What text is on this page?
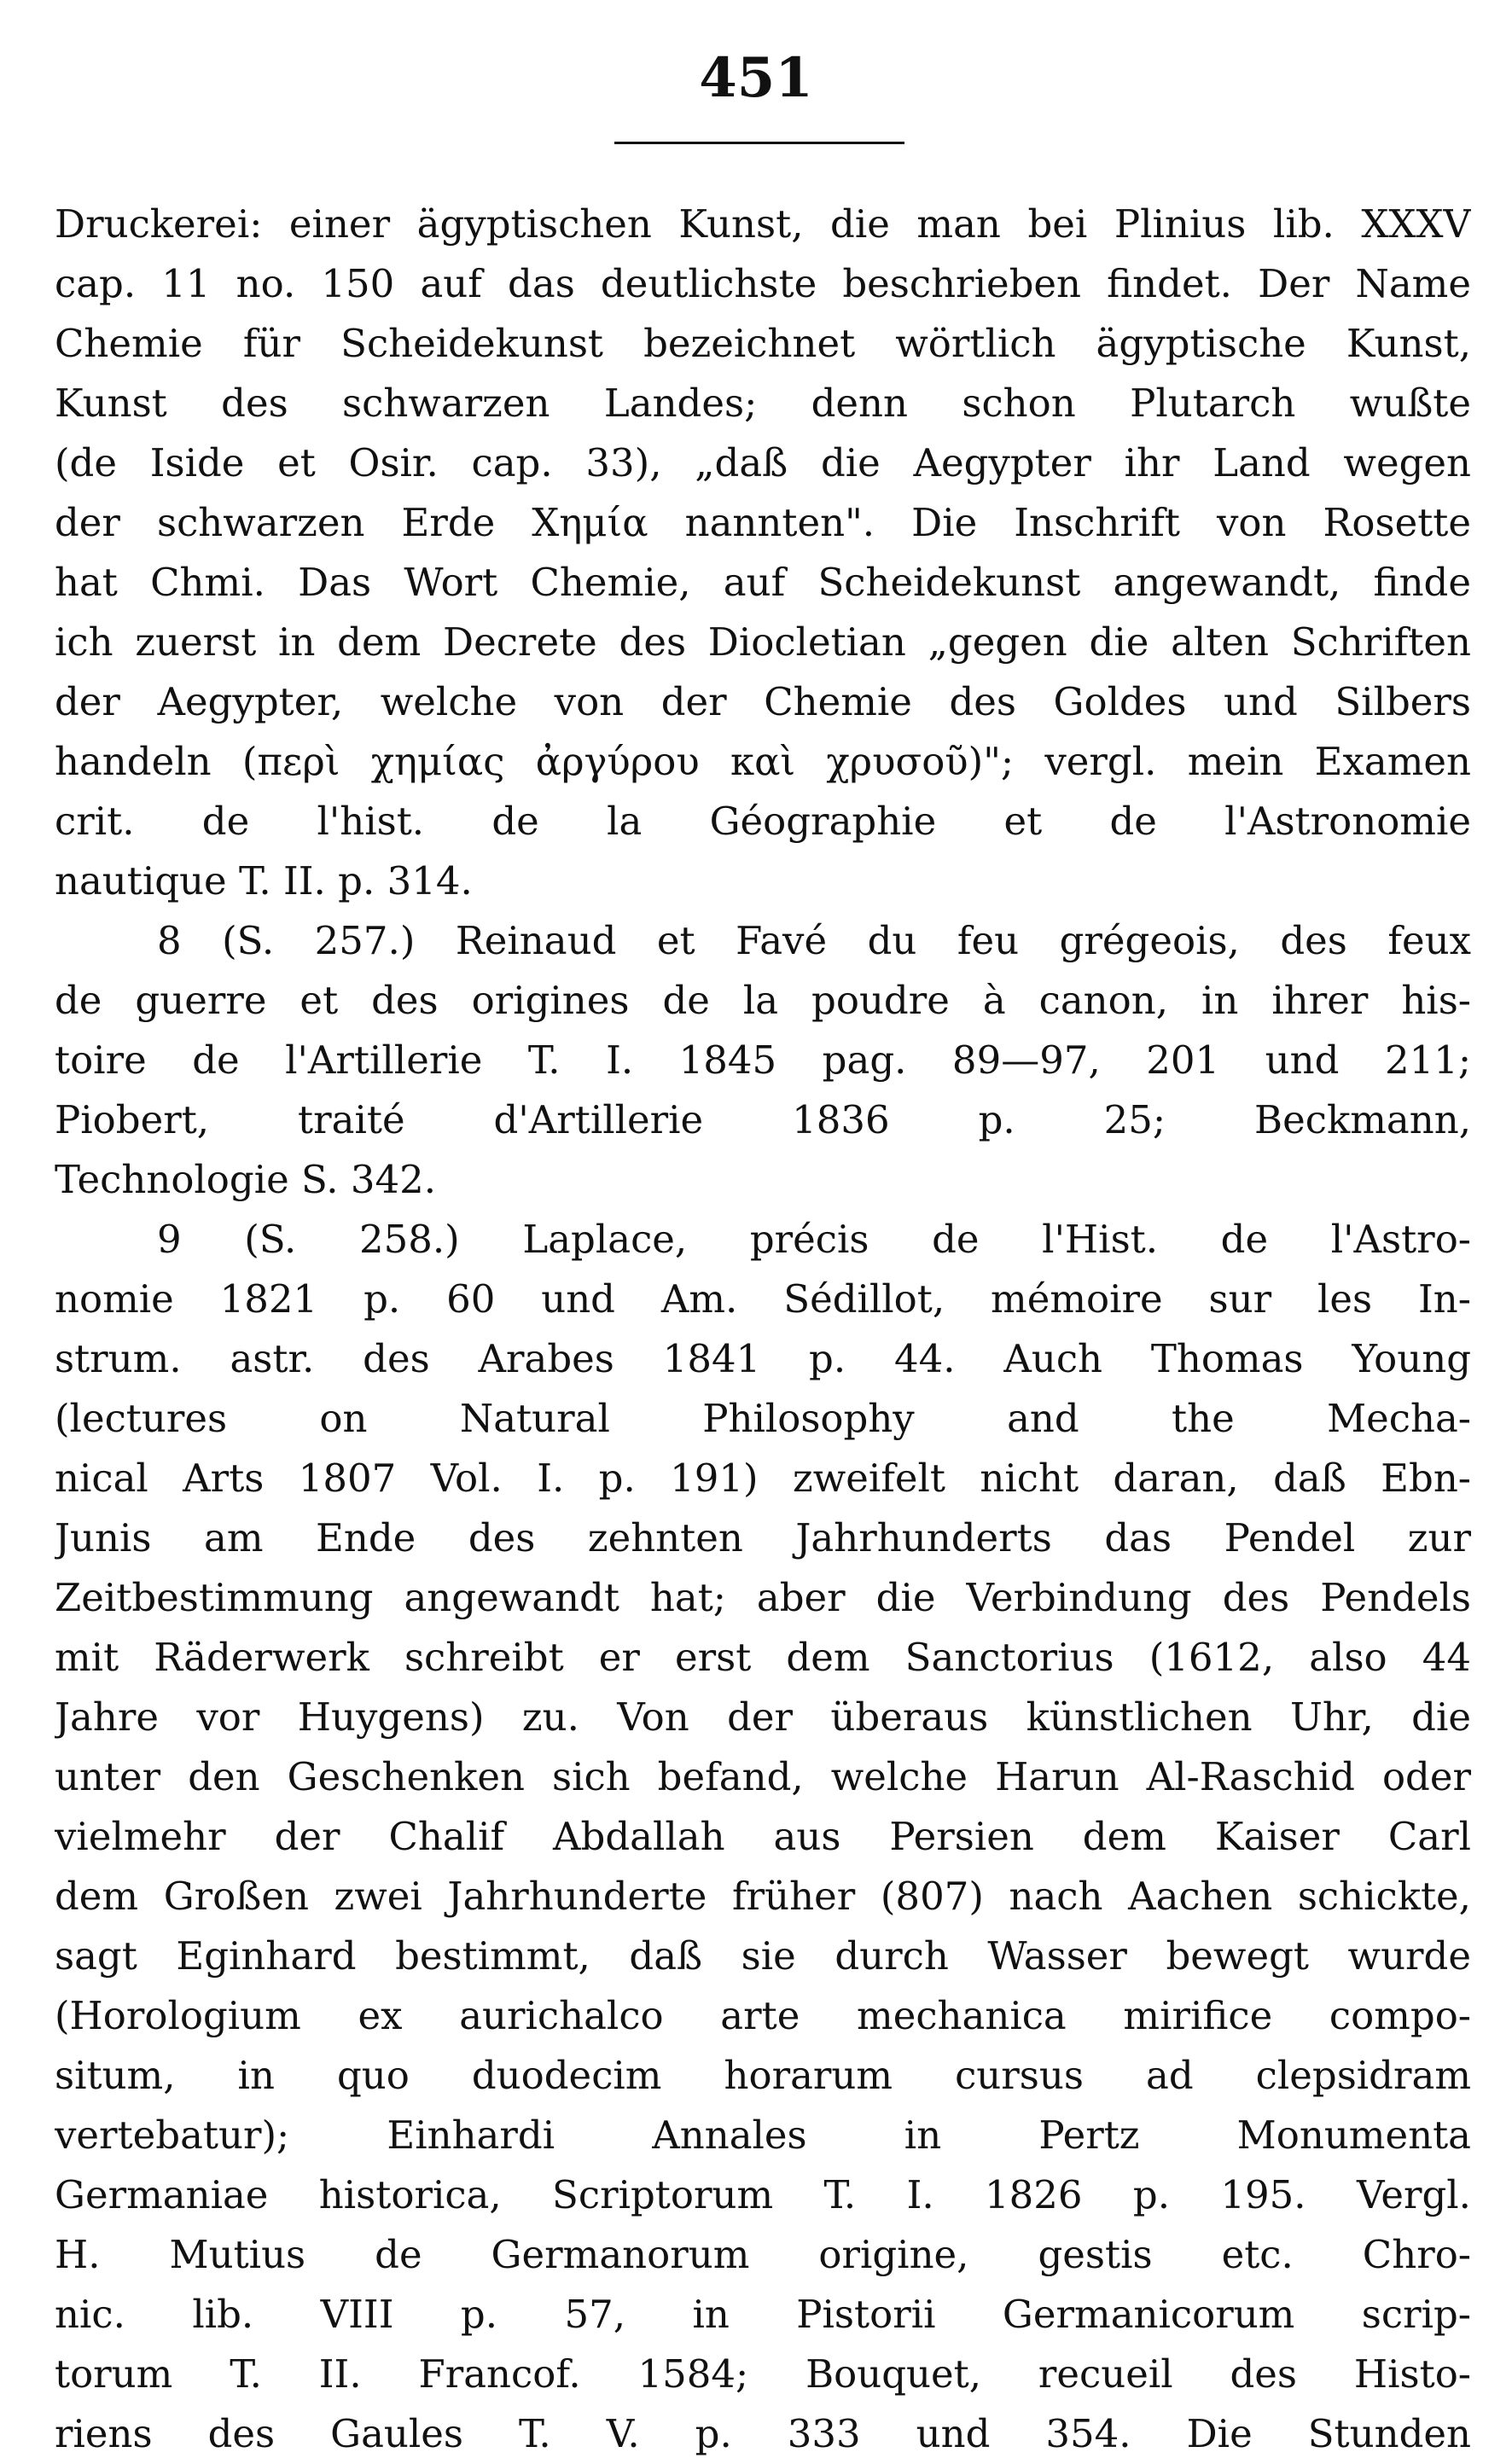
451
Druckerei: einer ägyptischen Kunst, die man bei Plinius lib. XXXV
cap. 11 no. 150 auf das deutlichste beschrieben findet. Der Name
Chemie für Scheidekunst bezeichnet wörtlich ägyptische Kunst,
Kunst des schwarzen Landes; denn schon Plutarch wußte
(de Iside et Osir. cap. 33), „daß die Aegypter ihr Land wegen
der schwarzen Erde Χημία nannten". Die Inschrift von Rosette
hat Chmi. Das Wort Chemie, auf Scheidekunst angewandt, finde
ich zuerst in dem Decrete des Diocletian „gegen die alten Schriften
der Aegypter, welche von der Chemie des Goldes und Silbers
handeln (περὶ χημίας ἀργύρου καὶ χρυσοῦ)"; vergl. mein Examen
crit. de l'hist. de la Géographie et de l'Astronomie
nautique T. II. p. 314.
8 (S. 257.) Reinaud et Favé du feu grégeois, des feux
de guerre et des origines de la poudre à canon, in ihrer his-
toire de l'Artillerie T. I. 1845 pag. 89—97, 201 und 211;
Piobert, traité d'Artillerie 1836 p. 25; Beckmann,
Technologie S. 342.
9 (S. 258.) Laplace, précis de l'Hist. de l'Astro-
nomie 1821 p. 60 und Am. Sédillot, mémoire sur les In-
strum. astr. des Arabes 1841 p. 44. Auch Thomas Young
(lectures on Natural Philosophy and the Mecha-
nical Arts 1807 Vol. I. p. 191) zweifelt nicht daran, daß Ebn-
Junis am Ende des zehnten Jahrhunderts das Pendel zur
Zeitbestimmung angewandt hat; aber die Verbindung des Pendels
mit Räderwerk schreibt er erst dem Sanctorius (1612, also 44
Jahre vor Huygens) zu. Von der überaus künstlichen Uhr, die
unter den Geschenken sich befand, welche Harun Al-Raschid oder
vielmehr der Chalif Abdallah aus Persien dem Kaiser Carl
dem Großen zwei Jahrhunderte früher (807) nach Aachen schickte,
sagt Eginhard bestimmt, daß sie durch Wasser bewegt wurde
(Horologium ex aurichalco arte mechanica mirifice compo-
situm, in quo duodecim horarum cursus ad clepsidram
vertebatur); Einhardi Annales in Pertz Monumenta
Germaniae historica, Scriptorum T. I. 1826 p. 195. Vergl.
H. Mutius de Germanorum origine, gestis etc. Chro-
nic. lib. VIII p. 57, in Pistorii Germanicorum scrip-
torum T. II. Francof. 1584; Bouquet, recueil des Histo-
riens des Gaules T. V. p. 333 und 354. Die Stunden
